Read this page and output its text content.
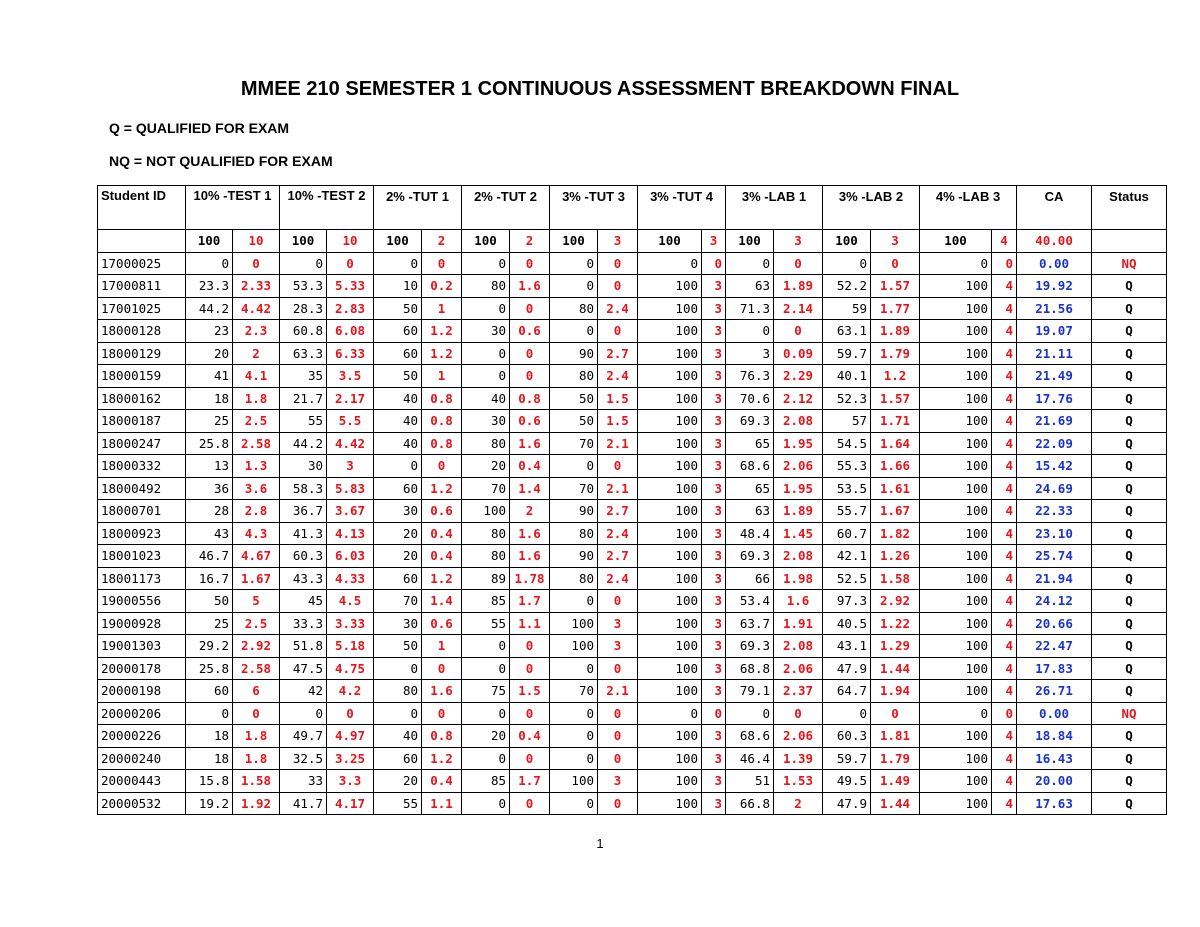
MMEE 210 SEMESTER 1 CONTINUOUS ASSESSMENT BREAKDOWN FINAL
Q = QUALIFIED FOR EXAM
NQ = NOT QUALIFIED FOR EXAM
Student ID	10% -TEST 1		10% -TEST 2		2% -TUT 1		2% -TUT 2		3% -TUT 3		3% -TUT 4		3% -LAB 1		3% -LAB 2		4% -LAB 3		CA	Status
	100	10	100	10	100	2	100	2	100	3	100	3	100	3	100	3	100	4	40.00	
17000025	0	0	0	0	0	0	0	0	0	0	0	0	0	0	0	0	0	0	0.00	NQ
17000811	23.3	2.33	53.3	5.33	10	0.2	80	1.6	0	0	100	3	63	1.89	52.2	1.57	100	4	19.92	Q
17001025	44.2	4.42	28.3	2.83	50	1	0	0	80	2.4	100	3	71.3	2.14	59	1.77	100	4	21.56	Q
18000128	23	2.3	60.8	6.08	60	1.2	30	0.6	0	0	100	3	0	0	63.1	1.89	100	4	19.07	Q
18000129	20	2	63.3	6.33	60	1.2	0	0	90	2.7	100	3	3	0.09	59.7	1.79	100	4	21.11	Q
18000159	41	4.1	35	3.5	50	1	0	0	80	2.4	100	3	76.3	2.29	40.1	1.2	100	4	21.49	Q
18000162	18	1.8	21.7	2.17	40	0.8	40	0.8	50	1.5	100	3	70.6	2.12	52.3	1.57	100	4	17.76	Q
18000187	25	2.5	55	5.5	40	0.8	30	0.6	50	1.5	100	3	69.3	2.08	57	1.71	100	4	21.69	Q
18000247	25.8	2.58	44.2	4.42	40	0.8	80	1.6	70	2.1	100	3	65	1.95	54.5	1.64	100	4	22.09	Q
18000332	13	1.3	30	3	0	0	20	0.4	0	0	100	3	68.6	2.06	55.3	1.66	100	4	15.42	Q
18000492	36	3.6	58.3	5.83	60	1.2	70	1.4	70	2.1	100	3	65	1.95	53.5	1.61	100	4	24.69	Q
18000701	28	2.8	36.7	3.67	30	0.6	100	2	90	2.7	100	3	63	1.89	55.7	1.67	100	4	22.33	Q
18000923	43	4.3	41.3	4.13	20	0.4	80	1.6	80	2.4	100	3	48.4	1.45	60.7	1.82	100	4	23.10	Q
18001023	46.7	4.67	60.3	6.03	20	0.4	80	1.6	90	2.7	100	3	69.3	2.08	42.1	1.26	100	4	25.74	Q
18001173	16.7	1.67	43.3	4.33	60	1.2	89	1.78	80	2.4	100	3	66	1.98	52.5	1.58	100	4	21.94	Q
19000556	50	5	45	4.5	70	1.4	85	1.7	0	0	100	3	53.4	1.6	97.3	2.92	100	4	24.12	Q
19000928	25	2.5	33.3	3.33	30	0.6	55	1.1	100	3	100	3	63.7	1.91	40.5	1.22	100	4	20.66	Q
19001303	29.2	2.92	51.8	5.18	50	1	0	0	100	3	100	3	69.3	2.08	43.1	1.29	100	4	22.47	Q
20000178	25.8	2.58	47.5	4.75	0	0	0	0	0	0	100	3	68.8	2.06	47.9	1.44	100	4	17.83	Q
20000198	60	6	42	4.2	80	1.6	75	1.5	70	2.1	100	3	79.1	2.37	64.7	1.94	100	4	26.71	Q
20000206	0	0	0	0	0	0	0	0	0	0	0	0	0	0	0	0	0	0	0.00	NQ
20000226	18	1.8	49.7	4.97	40	0.8	20	0.4	0	0	100	3	68.6	2.06	60.3	1.81	100	4	18.84	Q
20000240	18	1.8	32.5	3.25	60	1.2	0	0	0	0	100	3	46.4	1.39	59.7	1.79	100	4	16.43	Q
20000443	15.8	1.58	33	3.3	20	0.4	85	1.7	100	3	100	3	51	1.53	49.5	1.49	100	4	20.00	Q
20000532	19.2	1.92	41.7	4.17	55	1.1	0	0	0	0	100	3	66.8	2	47.9	1.44	100	4	17.63	Q
1
